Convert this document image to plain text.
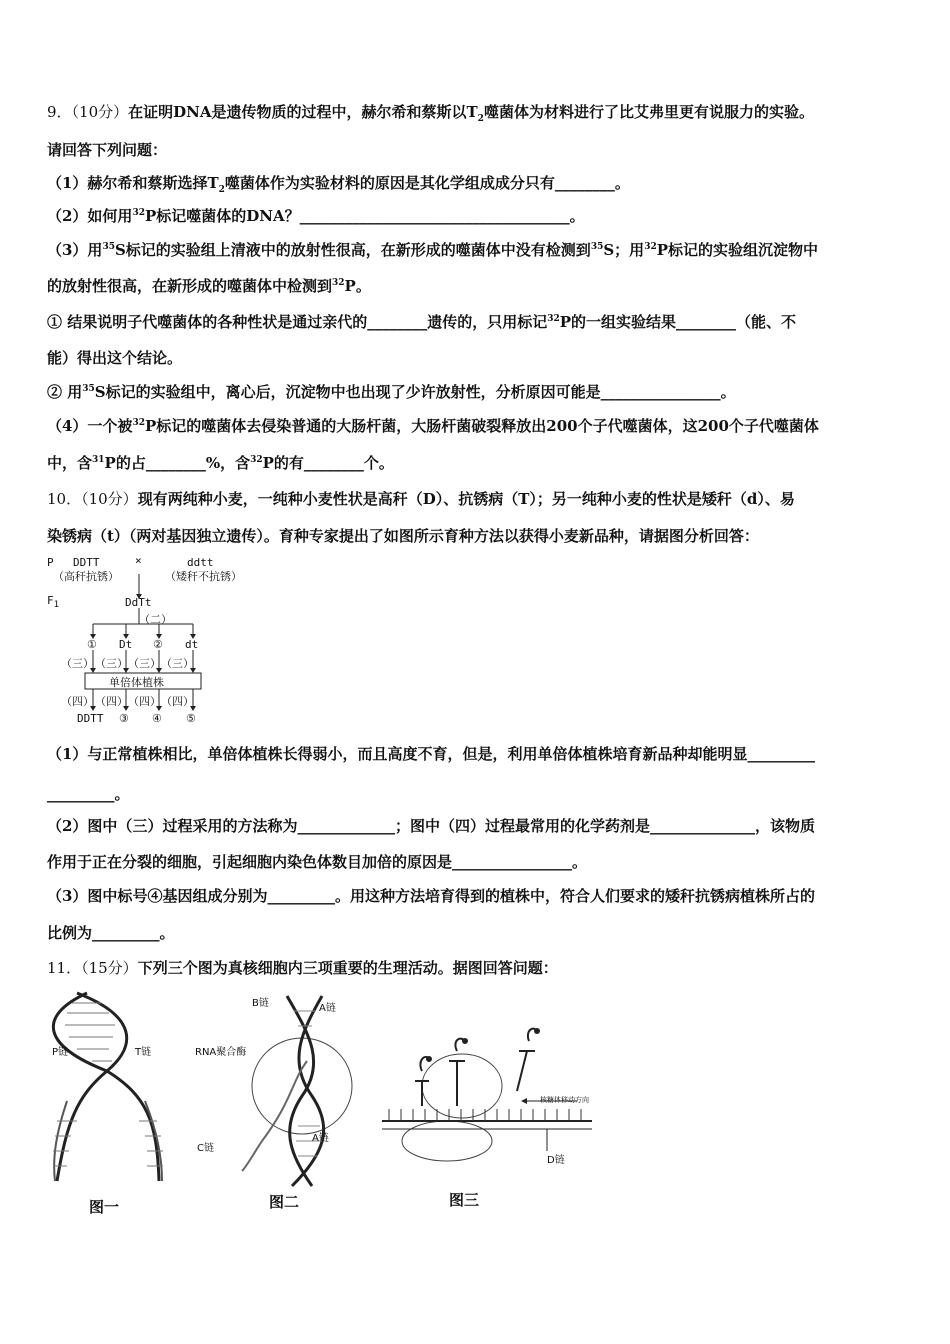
9．（10分）在证明DNA是遗传物质的过程中，赫尔希和蔡斯以$T_2$噬菌体为材料进行了比艾弗里更有说服力的实验。
请回答下列问题：
（1）赫尔希和蔡斯选择$T_2$噬菌体作为实验材料的原因是其化学组成成分只有________。
（2）如何用$^{32}$P标记噬菌体的DNA？____________________________________。
（3）用$^{35}$S标记的实验组上清液中的放射性很高，在新形成的噬菌体中没有检测到$^{35}$S；用$^{32}$P标记的实验组沉淀物中
的放射性很高，在新形成的噬菌体中检测到$^{32}$P。
① 结果说明子代噬菌体的各种性状是通过亲代的________遗传的，只用标记$^{32}$P的一组实验结果________（能、不
能）得出这个结论。
② 用$^{35}$S标记的实验组中，离心后，沉淀物中也出现了少许放射性，分析原因可能是________________。
（4）一个被$^{32}$P标记的噬菌体去侵染普通的大肠杆菌，大肠杆菌破裂释放出200个子代噬菌体，这200个子代噬菌体
中，含$^{31}$P的占________%，含$^{32}$P的有________个。
10．（10分）现有两纯种小麦，一纯种小麦性状是高秆（D）、抗锈病（T）；另一纯种小麦的性状是矮秆（d）、易
染锈病（t）（两对基因独立遗传）。育种专家提出了如图所示育种方法以获得小麦新品种，请据图分析回答：
P DDTT	×	ddtt
（高秆抗锈）	（矮秆不抗锈）
$F_1$	DdTt
（二）
① Dt ② dt
（三） （三） （三） （三）
单倍体植株
（四） （四） （四） （四）
DDTT ③ ④ ⑤
（1）与正常植株相比，单倍体植株长得弱小，而且高度不育，但是，利用单倍体植株培育新品种却能明显_________
_________。
（2）图中（三）过程采用的方法称为_____________；图中（四）过程最常用的化学药剂是______________，该物质
作用于正在分裂的细胞，引起细胞内染色体数目加倍的原因是________________。
（3）图中标号④基因组成分别为_________。用这种方法培育得到的植株中，符合人们要求的矮秆抗锈病植株所占的
比例为_________。
11．（15分）下列三个图为真核细胞内三项重要的生理活动。据图回答问题：
P链	T链
图一
B链	A链
RNA聚合酶
C链
A链
图二
核糖体移动方向
D链
图三
